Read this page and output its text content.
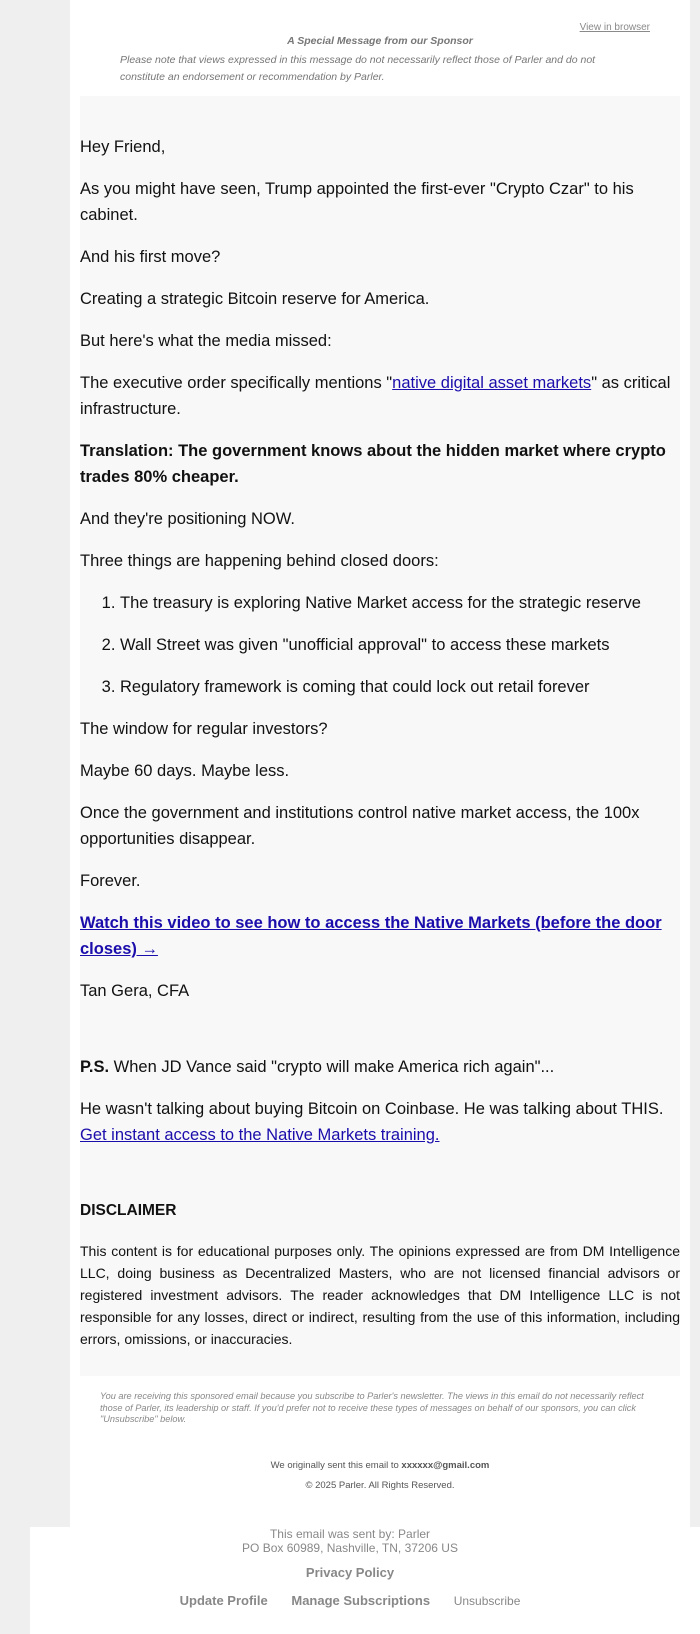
View in browser
A Special Message from our Sponsor
Please note that views expressed in this message do not necessarily reflect those of Parler and do not constitute an endorsement or recommendation by Parler.

Hey Friend,

As you might have seen, Trump appointed the first-ever "Crypto Czar" to his cabinet.

And his first move?

Creating a strategic Bitcoin reserve for America.

But here's what the media missed:

The executive order specifically mentions "native digital asset markets" as critical infrastructure.

Translation: The government knows about the hidden market where crypto trades 80% cheaper.

And they're positioning NOW.

Three things are happening behind closed doors:

1. The treasury is exploring Native Market access for the strategic reserve
2. Wall Street was given "unofficial approval" to access these markets
3. Regulatory framework is coming that could lock out retail forever

The window for regular investors?

Maybe 60 days. Maybe less.

Once the government and institutions control native market access, the 100x opportunities disappear.

Forever.

Watch this video to see how to access the Native Markets (before the door closes) →

Tan Gera, CFA

P.S. When JD Vance said "crypto will make America rich again"...

He wasn't talking about buying Bitcoin on Coinbase. He was talking about THIS. Get instant access to the Native Markets training.

DISCLAIMER

This content is for educational purposes only. The opinions expressed are from DM Intelligence LLC, doing business as Decentralized Masters, who are not licensed financial advisors or registered investment advisors. The reader acknowledges that DM Intelligence LLC is not responsible for any losses, direct or indirect, resulting from the use of this information, including errors, omissions, or inaccuracies.

You are receiving this sponsored email because you subscribe to Parler's newsletter. The views in this email do not necessarily reflect those of Parler, its leadership or staff. If you'd prefer not to receive these types of messages on behalf of our sponsors, you can click "Unsubscribe" below.
We originally sent this email to xxxxxx@gmail.com
© 2025 Parler. All Rights Reserved.
This email was sent by: Parler
PO Box 60989, Nashville, TN, 37206 US
Privacy Policy
Update Profile Manage Subscriptions Unsubscribe
